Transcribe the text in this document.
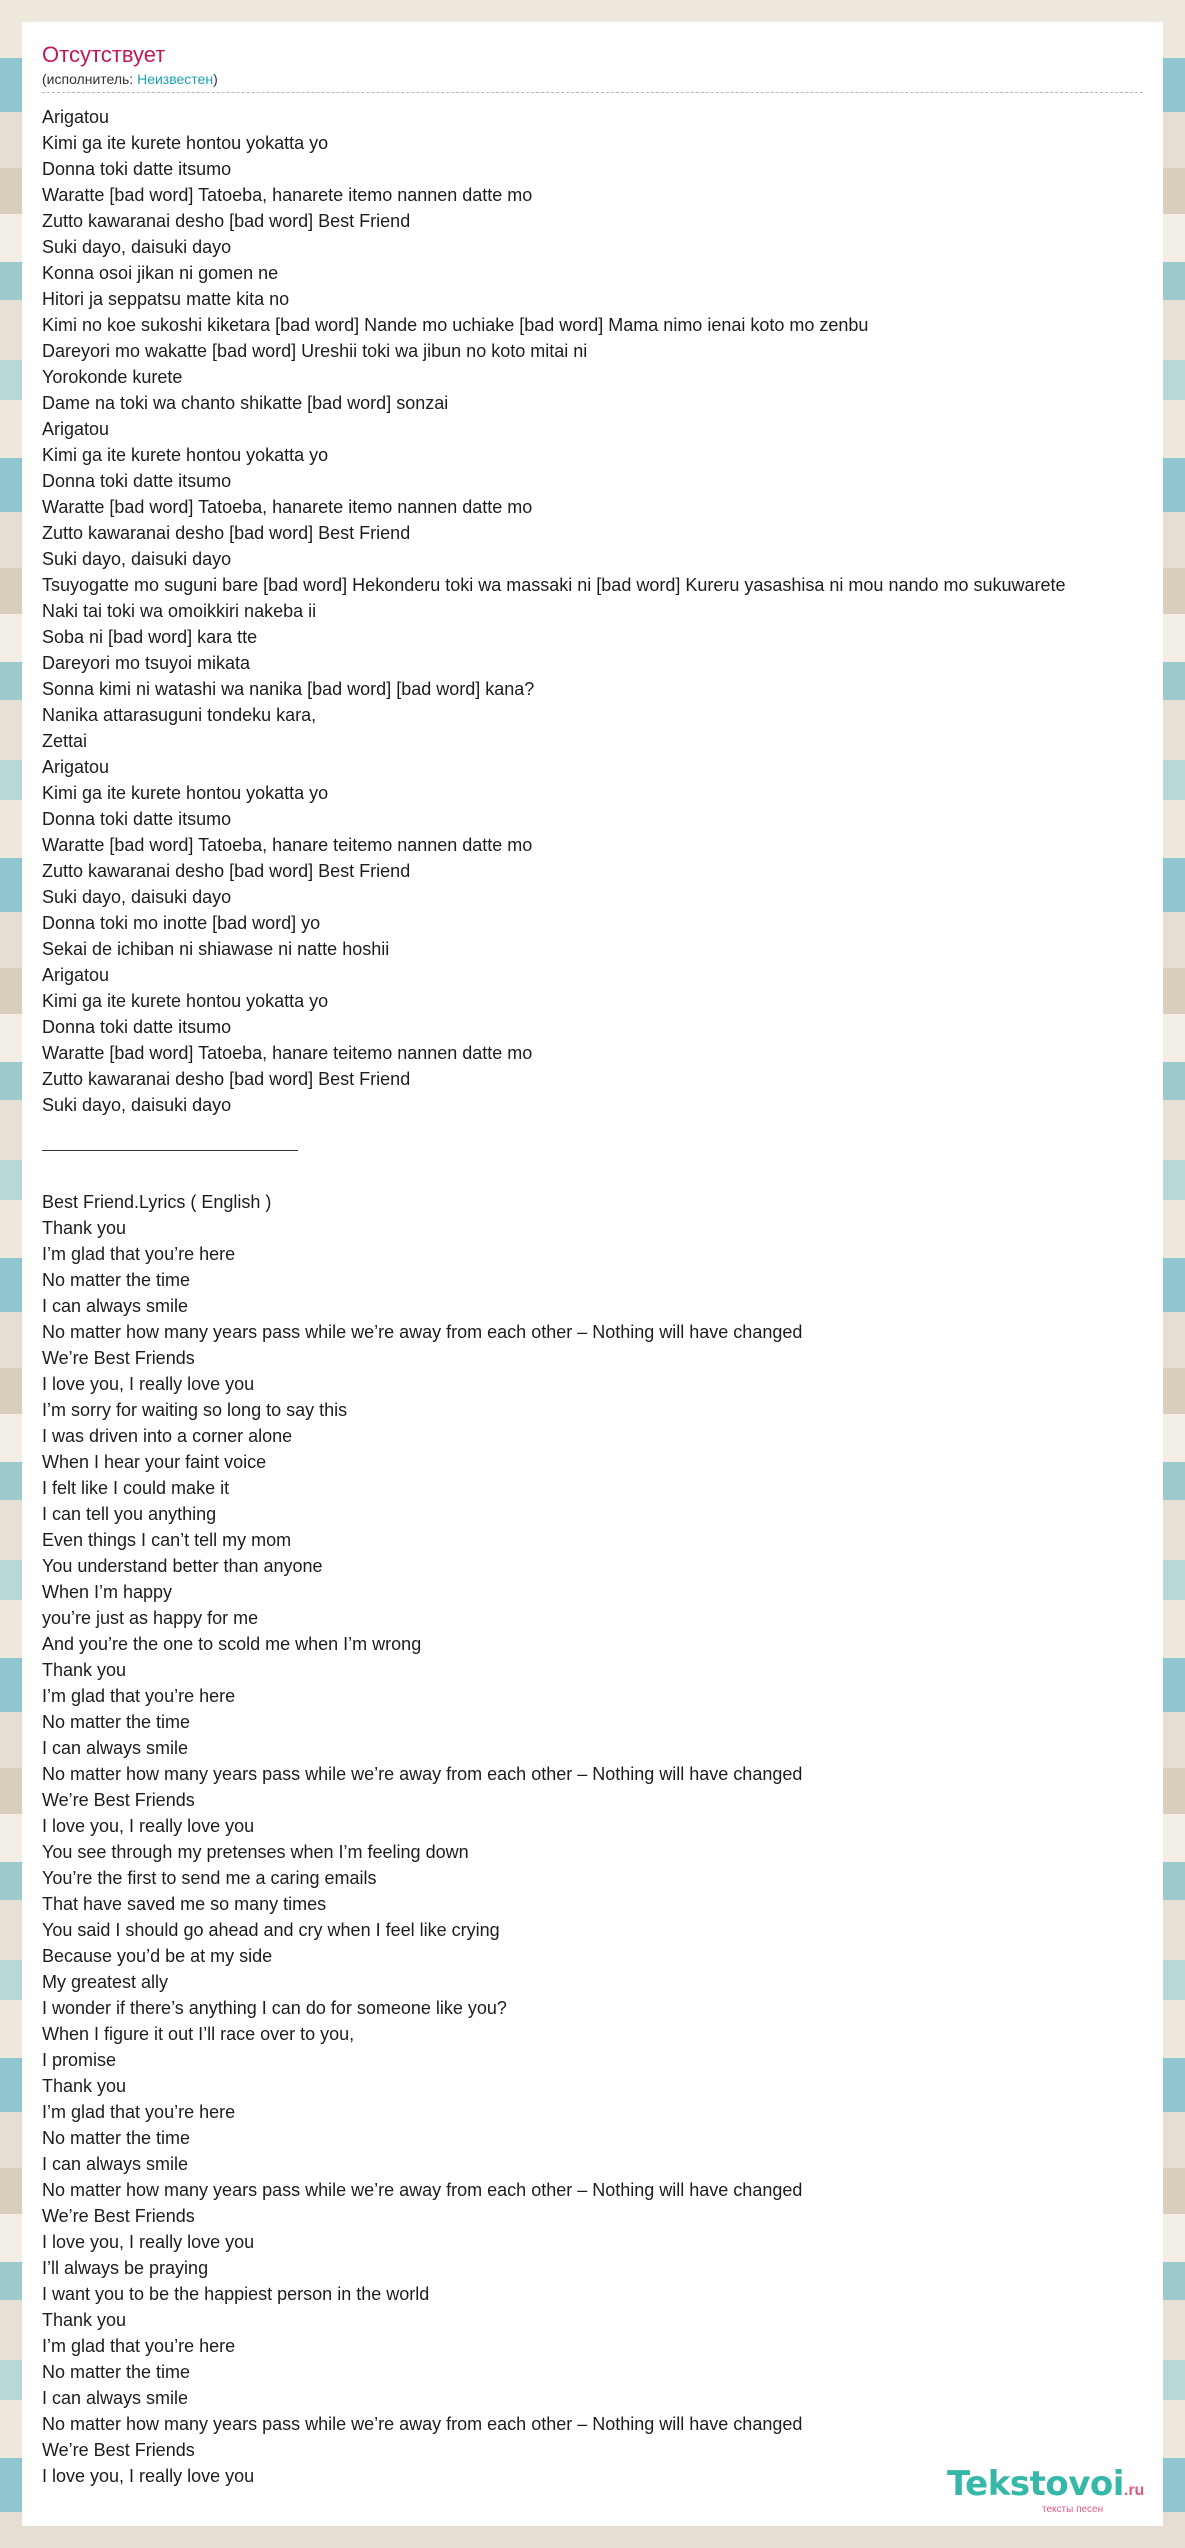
Отсутствует
(исполнитель: Неизвестен)
Arigatou
Kimi ga ite kurete hontou yokatta yo
Donna toki datte itsumo
Waratte [bad word] Tatoeba, hanarete itemo nannen datte mo
Zutto kawaranai desho [bad word] Best Friend
Suki dayo, daisuki dayo
Konna osoi jikan ni gomen ne
Hitori ja seppatsu matte kita no
Kimi no koe sukoshi kiketara [bad word] Nande mo uchiake [bad word] Mama nimo ienai koto mo zenbu
Dareyori mo wakatte [bad word] Ureshii toki wa jibun no koto mitai ni
Yorokonde kurete
Dame na toki wa chanto shikatte [bad word] sonzai
Arigatou
Kimi ga ite kurete hontou yokatta yo
Donna toki datte itsumo
Waratte [bad word] Tatoeba, hanarete itemo nannen datte mo
Zutto kawaranai desho [bad word] Best Friend
Suki dayo, daisuki dayo
Tsuyogatte mo suguni bare [bad word] Hekonderu toki wa massaki ni [bad word] Kureru yasashisa ni mou nando mo sukuwarete
Naki tai toki wa omoikkiri nakeba ii
Soba ni [bad word] kara tte
Dareyori mo tsuyoi mikata
Sonna kimi ni watashi wa nanika [bad word] [bad word] kana?
Nanika attarasuguni tondeku kara,
Zettai
Arigatou
Kimi ga ite kurete hontou yokatta yo
Donna toki datte itsumo
Waratte [bad word] Tatoeba, hanare teitemo nannen datte mo
Zutto kawaranai desho [bad word] Best Friend
Suki dayo, daisuki dayo
Donna toki mo inotte [bad word] yo
Sekai de ichiban ni shiawase ni natte hoshii
Arigatou
Kimi ga ite kurete hontou yokatta yo
Donna toki datte itsumo
Waratte [bad word] Tatoeba, hanare teitemo nannen datte mo
Zutto kawaranai desho [bad word] Best Friend
Suki dayo, daisuki dayo
Best Friend.Lyrics ( English )
Thank you
I’m glad that you’re here
No matter the time
I can always smile
No matter how many years pass while we’re away from each other – Nothing will have changed
We’re Best Friends
I love you, I really love you
I’m sorry for waiting so long to say this
I was driven into a corner alone
When I hear your faint voice
I felt like I could make it
I can tell you anything
Even things I can’t tell my mom
You understand better than anyone
When I’m happy
you’re just as happy for me
And you’re the one to scold me when I’m wrong
Thank you
I’m glad that you’re here
No matter the time
I can always smile
No matter how many years pass while we’re away from each other – Nothing will have changed
We’re Best Friends
I love you, I really love you
You see through my pretenses when I’m feeling down
You’re the first to send me a caring emails
That have saved me so many times
You said I should go ahead and cry when I feel like crying
Because you’d be at my side
My greatest ally
I wonder if there’s anything I can do for someone like you?
When I figure it out I’ll race over to you,
I promise
Thank you
I’m glad that you’re here
No matter the time
I can always smile
No matter how many years pass while we’re away from each other – Nothing will have changed
We’re Best Friends
I love you, I really love you
I’ll always be praying
I want you to be the happiest person in the world
Thank you
I’m glad that you’re here
No matter the time
I can always smile
No matter how many years pass while we’re away from each other – Nothing will have changed
We’re Best Friends
I love you, I really love you	Tekstovoi.ru
тексты песен
